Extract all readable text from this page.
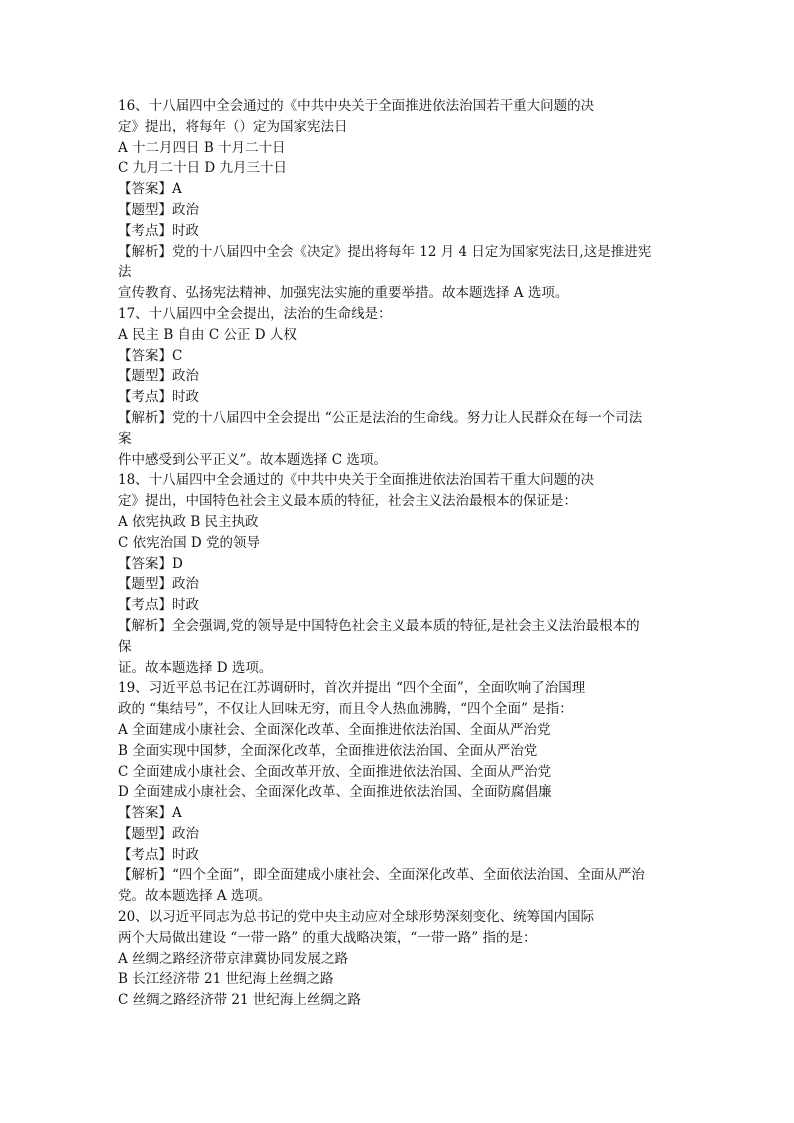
16、十八届四中全会通过的《中共中央关于全面推进依法治国若干重大问题的决
定》提出，将每年（）定为国家宪法日
A 十二月四日 B 十月二十日
C 九月二十日 D 九月三十日
【答案】A
【题型】政治
【考点】时政
【解析】党的十八届四中全会《决定》提出将每年 12 月 4 日定为国家宪法日,这是推进宪
法
宣传教育、弘扬宪法精神、加强宪法实施的重要举措。故本题选择 A 选项。
17、十八届四中全会提出，法治的生命线是：
A 民主 B 自由 C 公正 D 人权
【答案】C
【题型】政治
【考点】时政
【解析】党的十八届四中全会提出 “公正是法治的生命线。努力让人民群众在每一个司法
案
件中感受到公平正义”。故本题选择 C 选项。
18、十八届四中全会通过的《中共中央关于全面推进依法治国若干重大问题的决
定》提出，中国特色社会主义最本质的特征，社会主义法治最根本的保证是：
A 依宪执政 B 民主执政
C 依宪治国 D 党的领导
【答案】D
【题型】政治
【考点】时政
【解析】全会强调,党的领导是中国特色社会主义最本质的特征,是社会主义法治最根本的
保
证。故本题选择 D 选项。
19、习近平总书记在江苏调研时，首次并提出 “四个全面”，全面吹响了治国理
政的 “集结号”，不仅让人回味无穷，而且令人热血沸腾，“四个全面” 是指：
A 全面建成小康社会、全面深化改革、全面推进依法治国、全面从严治党
B 全面实现中国梦，全面深化改革，全面推进依法治国、全面从严治党
C 全面建成小康社会、全面改革开放、全面推进依法治国、全面从严治党
D 全面建成小康社会、全面深化改革、全面推进依法治国、全面防腐倡廉
【答案】A
【题型】政治
【考点】时政
【解析】“四个全面”，即全面建成小康社会、全面深化改革、全面依法治国、全面从严治
党。故本题选择 A 选项。
20、以习近平同志为总书记的党中央主动应对全球形势深刻变化、统筹国内国际
两个大局做出建设 “一带一路” 的重大战略决策，“一带一路” 指的是：
A 丝绸之路经济带京津冀协同发展之路
B 长江经济带 21 世纪海上丝绸之路
C 丝绸之路经济带 21 世纪海上丝绸之路
